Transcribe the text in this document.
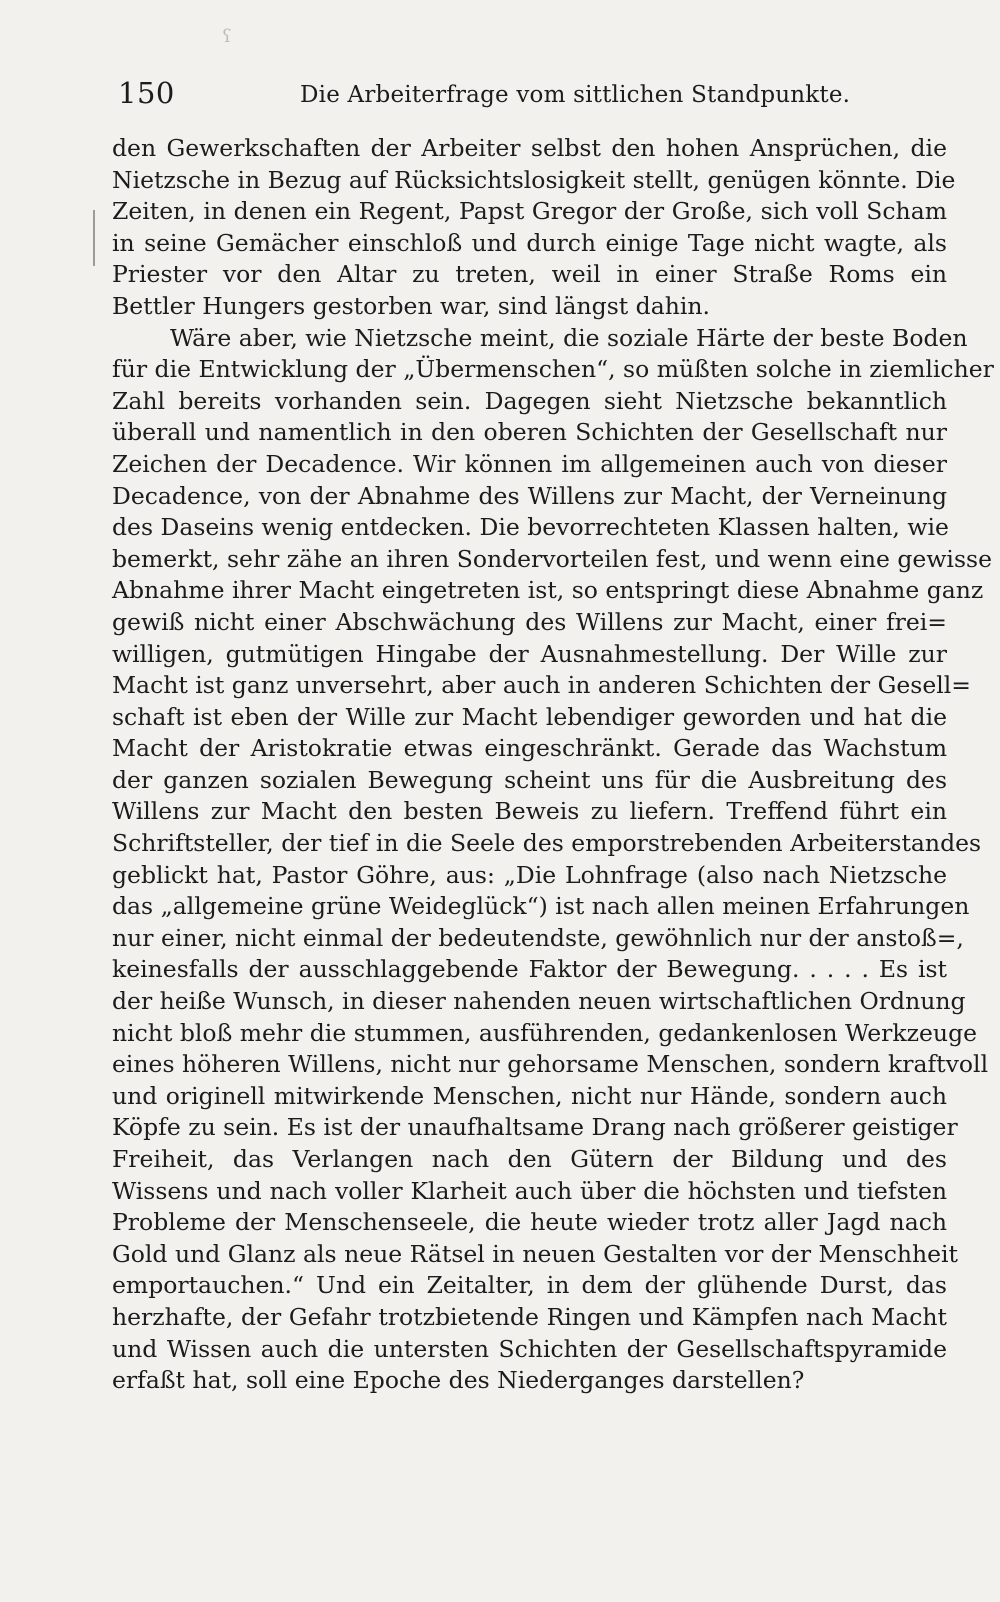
ʕ
150	Die Arbeiterfrage vom sittlichen Standpunkte.
den Gewerkschaften der Arbeiter selbst den hohen Ansprüchen, die
Nietzsche in Bezug auf Rücksichtslosigkeit stellt, genügen könnte. Die
Zeiten, in denen ein Regent, Papst Gregor der Große, sich voll Scham
in seine Gemächer einschloß und durch einige Tage nicht wagte, als
Priester vor den Altar zu treten, weil in einer Straße Roms ein
Bettler Hungers gestorben war, sind längst dahin.
Wäre aber, wie Nietzsche meint, die soziale Härte der beste Boden
für die Entwicklung der „Übermenschen“, so müßten solche in ziemlicher
Zahl bereits vorhanden sein. Dagegen sieht Nietzsche bekanntlich
überall und namentlich in den oberen Schichten der Gesellschaft nur
Zeichen der Decadence. Wir können im allgemeinen auch von dieser
Decadence, von der Abnahme des Willens zur Macht, der Verneinung
des Daseins wenig entdecken. Die bevorrechteten Klassen halten, wie
bemerkt, sehr zähe an ihren Sondervorteilen fest, und wenn eine gewisse
Abnahme ihrer Macht eingetreten ist, so entspringt diese Abnahme ganz
gewiß nicht einer Abschwächung des Willens zur Macht, einer frei=
willigen, gutmütigen Hingabe der Ausnahmestellung. Der Wille zur
Macht ist ganz unversehrt, aber auch in anderen Schichten der Gesell=
schaft ist eben der Wille zur Macht lebendiger geworden und hat die
Macht der Aristokratie etwas eingeschränkt. Gerade das Wachstum
der ganzen sozialen Bewegung scheint uns für die Ausbreitung des
Willens zur Macht den besten Beweis zu liefern. Treffend führt ein
Schriftsteller, der tief in die Seele des emporstrebenden Arbeiterstandes
geblickt hat, Pastor Göhre, aus: „Die Lohnfrage (also nach Nietzsche
das „allgemeine grüne Weideglück“) ist nach allen meinen Erfahrungen
nur einer, nicht einmal der bedeutendste, gewöhnlich nur der anstoß=,
keinesfalls der ausschlaggebende Faktor der Bewegung. . . . . Es ist
der heiße Wunsch, in dieser nahenden neuen wirtschaftlichen Ordnung
nicht bloß mehr die stummen, ausführenden, gedankenlosen Werkzeuge
eines höheren Willens, nicht nur gehorsame Menschen, sondern kraftvoll
und originell mitwirkende Menschen, nicht nur Hände, sondern auch
Köpfe zu sein. Es ist der unaufhaltsame Drang nach größerer geistiger
Freiheit, das Verlangen nach den Gütern der Bildung und des
Wissens und nach voller Klarheit auch über die höchsten und tiefsten
Probleme der Menschenseele, die heute wieder trotz aller Jagd nach
Gold und Glanz als neue Rätsel in neuen Gestalten vor der Menschheit
emportauchen.“ Und ein Zeitalter, in dem der glühende Durst, das
herzhafte, der Gefahr trotzbietende Ringen und Kämpfen nach Macht
und Wissen auch die untersten Schichten der Gesellschaftspyramide
erfaßt hat, soll eine Epoche des Niederganges darstellen?
